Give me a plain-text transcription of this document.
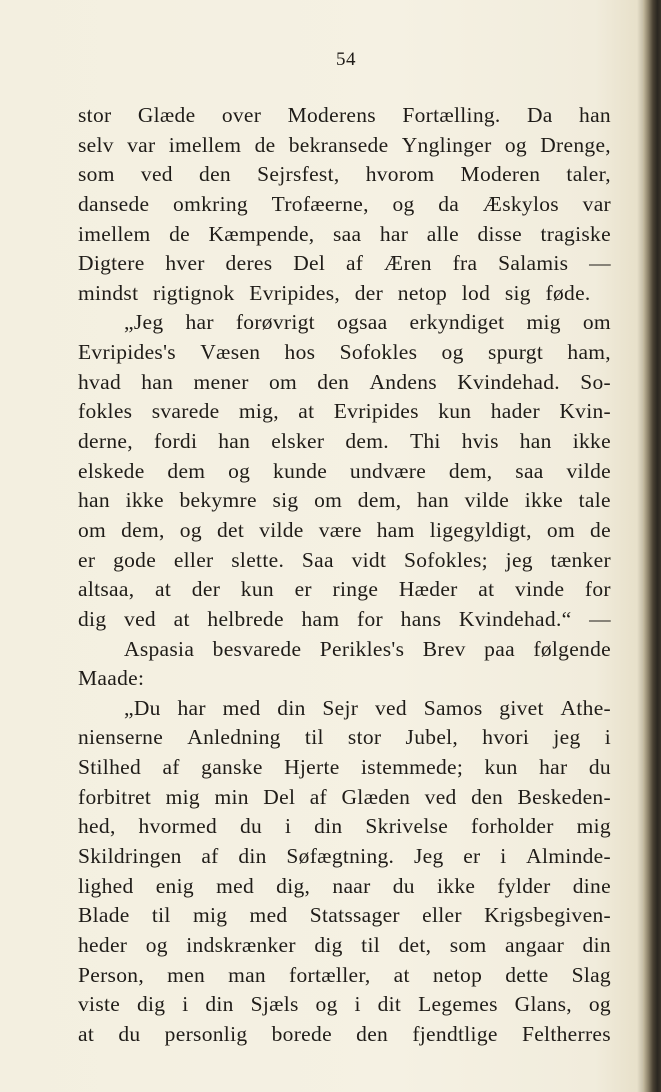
54
stor Glæde over Moderens Fortælling. Da han
selv var imellem de bekransede Ynglinger og Drenge,
som ved den Sejrsfest, hvorom Moderen taler,
dansede omkring Trofæerne, og da Æskylos var
imellem de Kæmpende, saa har alle disse tragiske
Digtere hver deres Del af Æren fra Salamis —
mindst rigtignok Evripides, der netop lod sig føde.
„Jeg har forøvrigt ogsaa erkyndiget mig om
Evripides's Væsen hos Sofokles og spurgt ham,
hvad han mener om den Andens Kvindehad. So-
fokles svarede mig, at Evripides kun hader Kvin-
derne, fordi han elsker dem. Thi hvis han ikke
elskede dem og kunde undvære dem, saa vilde
han ikke bekymre sig om dem, han vilde ikke tale
om dem, og det vilde være ham ligegyldigt, om de
er gode eller slette. Saa vidt Sofokles; jeg tænker
altsaa, at der kun er ringe Hæder at vinde for
dig ved at helbrede ham for hans Kvindehad.“ —
Aspasia besvarede Perikles's Brev paa følgende
Maade:
„Du har med din Sejr ved Samos givet Athe-
nienserne Anledning til stor Jubel, hvori jeg i
Stilhed af ganske Hjerte istemmede; kun har du
forbitret mig min Del af Glæden ved den Beskeden-
hed, hvormed du i din Skrivelse forholder mig
Skildringen af din Søfægtning. Jeg er i Alminde-
lighed enig med dig, naar du ikke fylder dine
Blade til mig med Statssager eller Krigsbegiven-
heder og indskrænker dig til det, som angaar din
Person, men man fortæller, at netop dette Slag
viste dig i din Sjæls og i dit Legemes Glans, og
at du personlig borede den fjendtlige Feltherres
